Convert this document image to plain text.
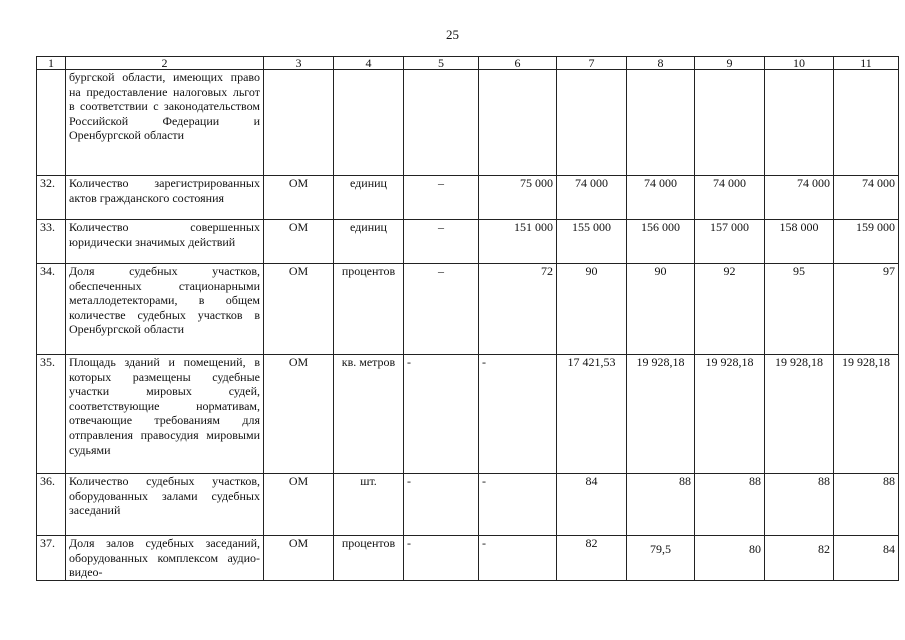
25
1	2	3	4	5	6	7	8	9	10	11
	бургской области, имеющих право на предоставление налоговых льгот в соответствии с законодательством Российской Федерации и Оренбургской области									
32.	Количество зарегистрированных актов гражданского состояния	ОМ	единиц	–	75 000	74 000	74 000	74 000	74 000	74 000
33.	Количество совершенных юридически значимых действий	ОМ	единиц	–	151 000	155 000	156 000	157 000	158 000	159 000
34.	Доля судебных участков, обеспеченных стационарными металлодетекторами, в общем количестве судебных участков в Оренбургской области	ОМ	процентов	–	72	90	90	92	95	97
35.	Площадь зданий и помещений, в которых размещены судебные участки мировых судей, соответствующие нормативам, отвечающие требованиям для отправления правосудия мировыми судьями	ОМ	кв. метров	-	-	17 421,53	19 928,18	19 928,18	19 928,18	19 928,18
36.	Количество судебных участков, оборудованных залами судебных заседаний	ОМ	шт.	-	-	84	88	88	88	88
37.	Доля залов судебных заседаний, оборудованных комплексом аудио-видео-	ОМ	процентов	-	-	82	79,5	80	82	84
